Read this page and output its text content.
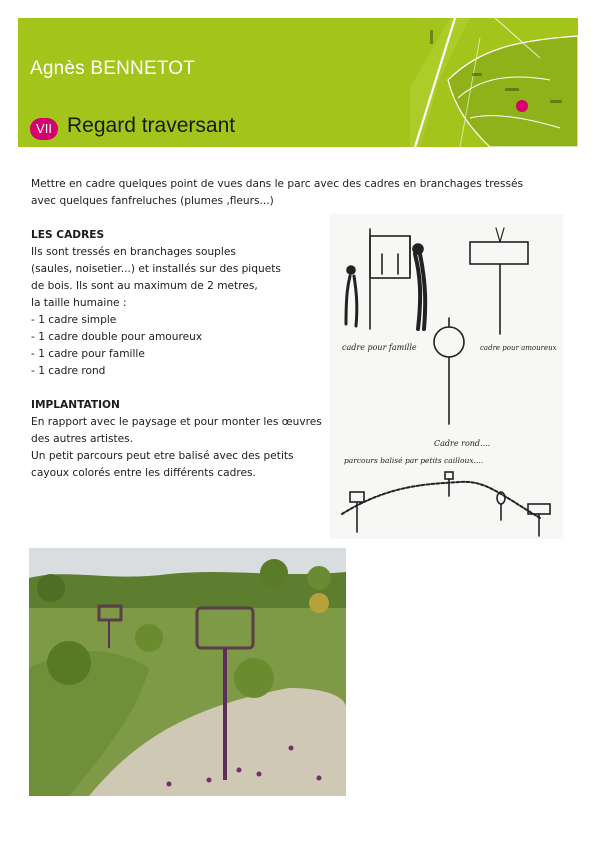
Agnès BENNETOT
VII Regard traversant

Mettre en cadre quelques point de vues dans le parc avec des cadres en branchages tressés avec quelques fanfreluches (plumes ,fleurs...)

LES CADRES

Ils sont tressés en branchages souples

(saules, noisetier...) et installés sur des piquets

de bois. Ils sont au maximum de 2 metres,

la taille humaine :

- 1 cadre simple

- 1 cadre double pour amoureux

- 1 cadre pour famille

- 1 cadre rond

IMPLANTATION

En rapport avec le paysage et pour monter les œuvres

des autres artistes.

Un petit parcours peut etre balisé avec des petits

cayoux colorés entre les différents cadres.

cadre pour famille	cadre pour amoureux
Cadre rond....
parcours balisé par petits cailloux....
